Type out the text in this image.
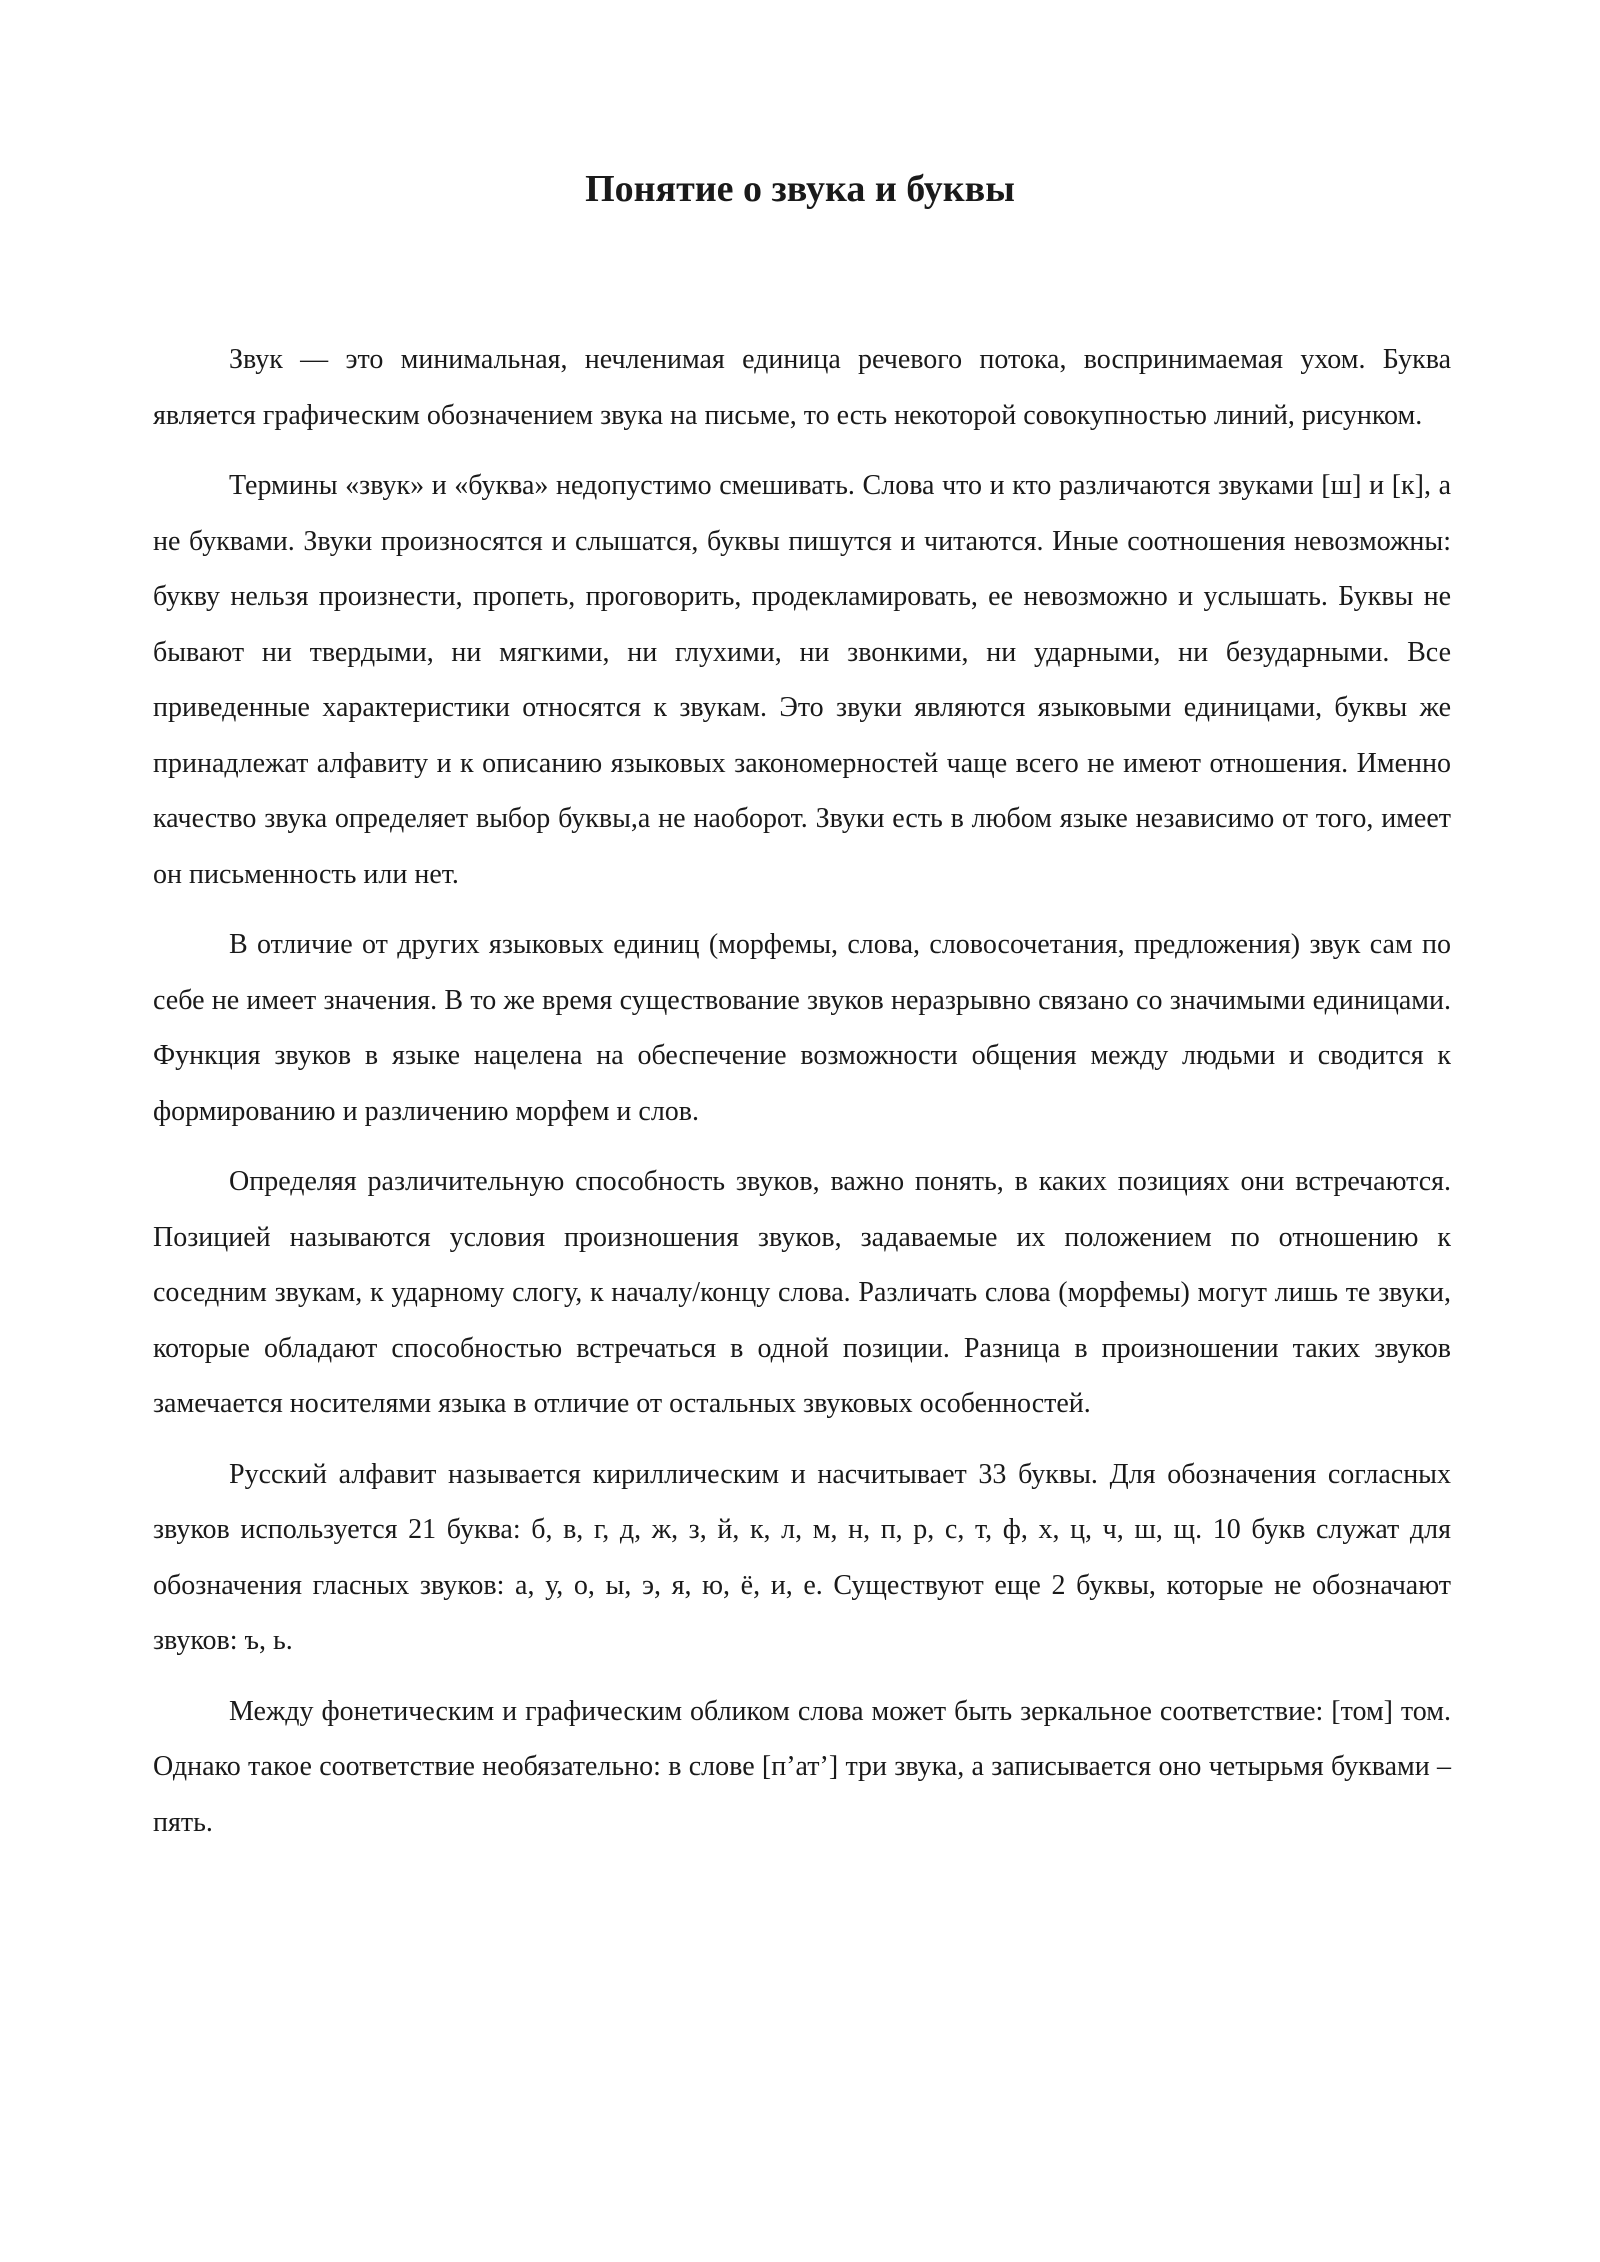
Понятие о звука и буквы

Звук — это минимальная, нечленимая единица речевого потока, воспринимаемая ухом. Буква является графическим обозначением звука на письме, то есть некоторой совокупностью линий, рисунком.

Термины «звук» и «буква» недопустимо смешивать. Слова что и кто различаются звуками [ш] и [к], а не буквами. Звуки произносятся и слышатся, буквы пишутся и читаются. Иные соотношения невозможны: букву нельзя произнести, пропеть, проговорить, продекламировать, ее невозможно и услышать. Буквы не бывают ни твердыми, ни мягкими, ни глухими, ни звонкими, ни ударными, ни безударными. Все приведенные характеристики относятся к звукам. Это звуки являются языковыми единицами, буквы же принадлежат алфавиту и к описанию языковых закономерностей чаще всего не имеют отношения. Именно качество звука определяет выбор буквы,а не наоборот. Звуки есть в любом языке независимо от того, имеет он письменность или нет.

В отличие от других языковых единиц (морфемы, слова, словосочетания, предложения) звук сам по себе не имеет значения. В то же время существование звуков неразрывно связано со значимыми единицами. Функция звуков в языке нацелена на обеспечение возможности общения между людьми и сводится к формированию и различению морфем и слов.

Определяя различительную способность звуков, важно понять, в каких позициях они встречаются. Позицией называются условия произношения звуков, задаваемые их положением по отношению к соседним звукам, к ударному слогу, к началу/концу слова. Различать слова (морфемы) могут лишь те звуки, которые обладают способностью встречаться в одной позиции. Разница в произношении таких звуков замечается носителями языка в отличие от остальных звуковых особенностей.

Русский алфавит называется кириллическим и насчитывает 33 буквы. Для обозначения согласных звуков используется 21 буква: б, в, г, д, ж, з, й, к, л, м, н, п, р, с, т, ф, х, ц, ч, ш, щ. 10 букв служат для обозначения гласных звуков: а, у, о, ы, э, я, ю, ё, и, е. Существуют еще 2 буквы, которые не обозначают звуков: ъ, ь.

Между фонетическим и графическим обликом слова может быть зеркальное соответствие: [том] том. Однако такое соответствие необязательно: в слове [п’ат’] три звука, а записывается оно четырьмя буквами – пять.
